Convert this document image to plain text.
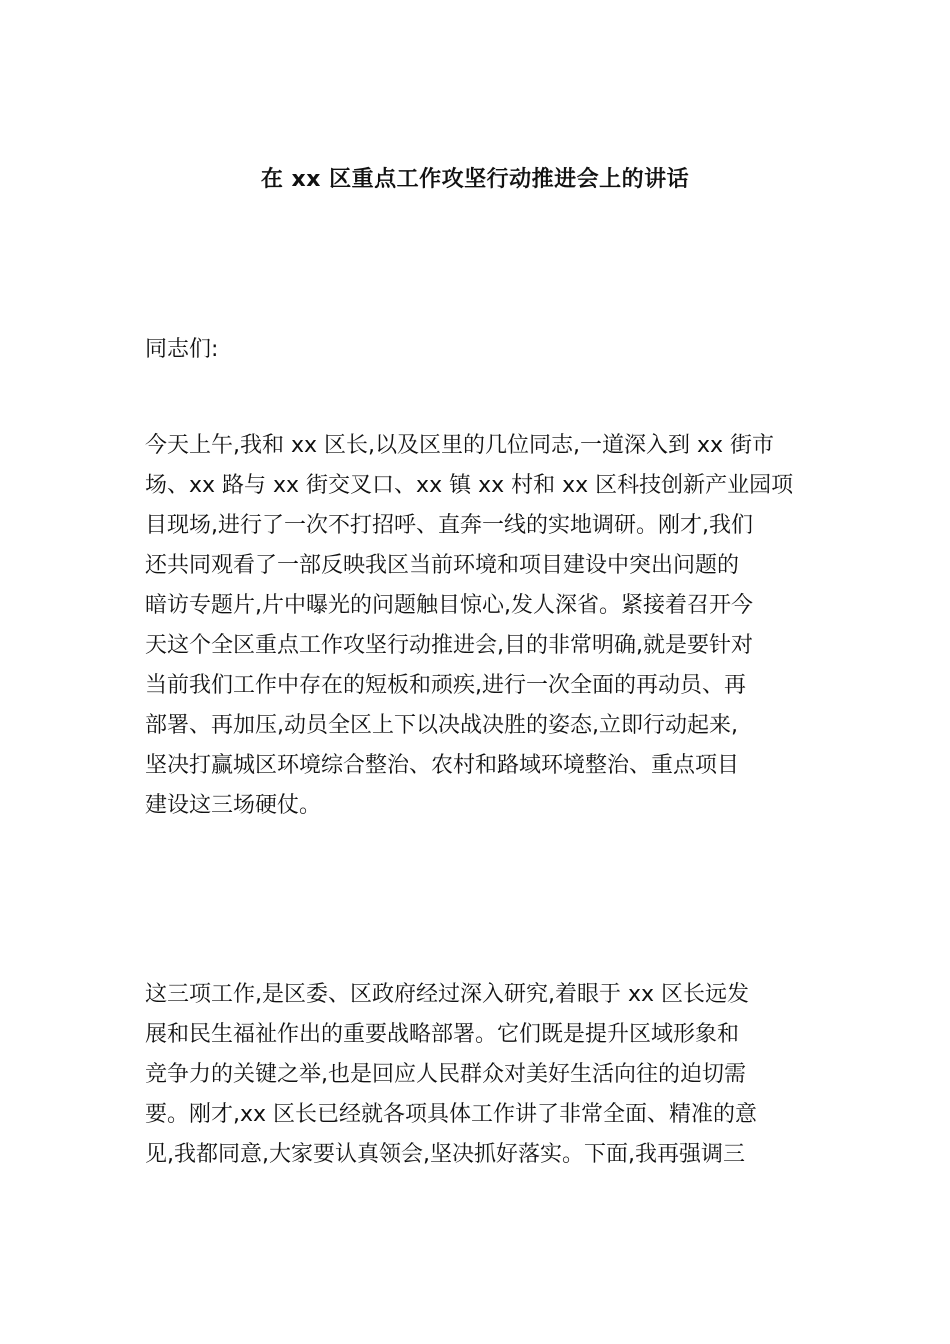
在 xx 区重点工作攻坚行动推进会上的讲话
同志们:
今天上午,我和 xx 区长,以及区里的几位同志,一道深入到 xx 街市
场、xx 路与 xx 街交叉口、xx 镇 xx 村和 xx 区科技创新产业园项
目现场,进行了一次不打招呼、直奔一线的实地调研。刚才,我们
还共同观看了一部反映我区当前环境和项目建设中突出问题的
暗访专题片,片中曝光的问题触目惊心,发人深省。紧接着召开今
天这个全区重点工作攻坚行动推进会,目的非常明确,就是要针对
当前我们工作中存在的短板和顽疾,进行一次全面的再动员、再
部署、再加压,动员全区上下以决战决胜的姿态,立即行动起来,
坚决打赢城区环境综合整治、农村和路域环境整治、重点项目
建设这三场硬仗。
这三项工作,是区委、区政府经过深入研究,着眼于 xx 区长远发
展和民生福祉作出的重要战略部署。它们既是提升区域形象和
竞争力的关键之举,也是回应人民群众对美好生活向往的迫切需
要。刚才,xx 区长已经就各项具体工作讲了非常全面、精准的意
见,我都同意,大家要认真领会,坚决抓好落实。下面,我再强调三
